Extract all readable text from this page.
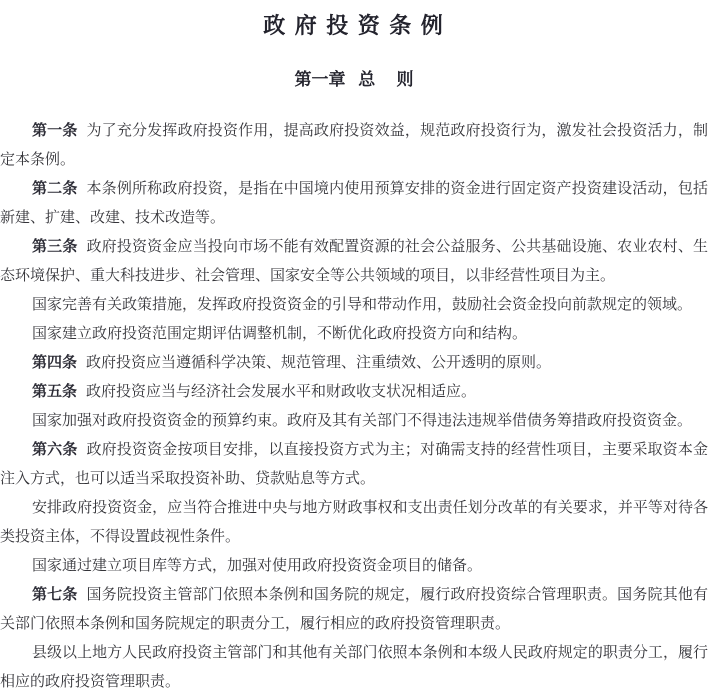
政 府 投 资 条 例
第一章   总     则

第一条 为了充分发挥政府投资作用，提高政府投资效益，规范政府投资行为，激发社会投资活力，制定本条例。

第二条 本条例所称政府投资，是指在中国境内使用预算安排的资金进行固定资产投资建设活动，包括新建、扩建、改建、技术改造等。

第三条 政府投资资金应当投向市场不能有效配置资源的社会公益服务、公共基础设施、农业农村、生态环境保护、重大科技进步、社会管理、国家安全等公共领域的项目，以非经营性项目为主。

国家完善有关政策措施，发挥政府投资资金的引导和带动作用，鼓励社会资金投向前款规定的领域。

国家建立政府投资范围定期评估调整机制，不断优化政府投资方向和结构。

第四条 政府投资应当遵循科学决策、规范管理、注重绩效、公开透明的原则。

第五条 政府投资应当与经济社会发展水平和财政收支状况相适应。

国家加强对政府投资资金的预算约束。政府及其有关部门不得违法违规举借债务筹措政府投资资金。

第六条 政府投资资金按项目安排，以直接投资方式为主；对确需支持的经营性项目，主要采取资本金注入方式，也可以适当采取投资补助、贷款贴息等方式。

安排政府投资资金，应当符合推进中央与地方财政事权和支出责任划分改革的有关要求，并平等对待各类投资主体，不得设置歧视性条件。

国家通过建立项目库等方式，加强对使用政府投资资金项目的储备。

第七条 国务院投资主管部门依照本条例和国务院的规定，履行政府投资综合管理职责。国务院其他有关部门依照本条例和国务院规定的职责分工，履行相应的政府投资管理职责。

县级以上地方人民政府投资主管部门和其他有关部门依照本条例和本级人民政府规定的职责分工，履行相应的政府投资管理职责。
